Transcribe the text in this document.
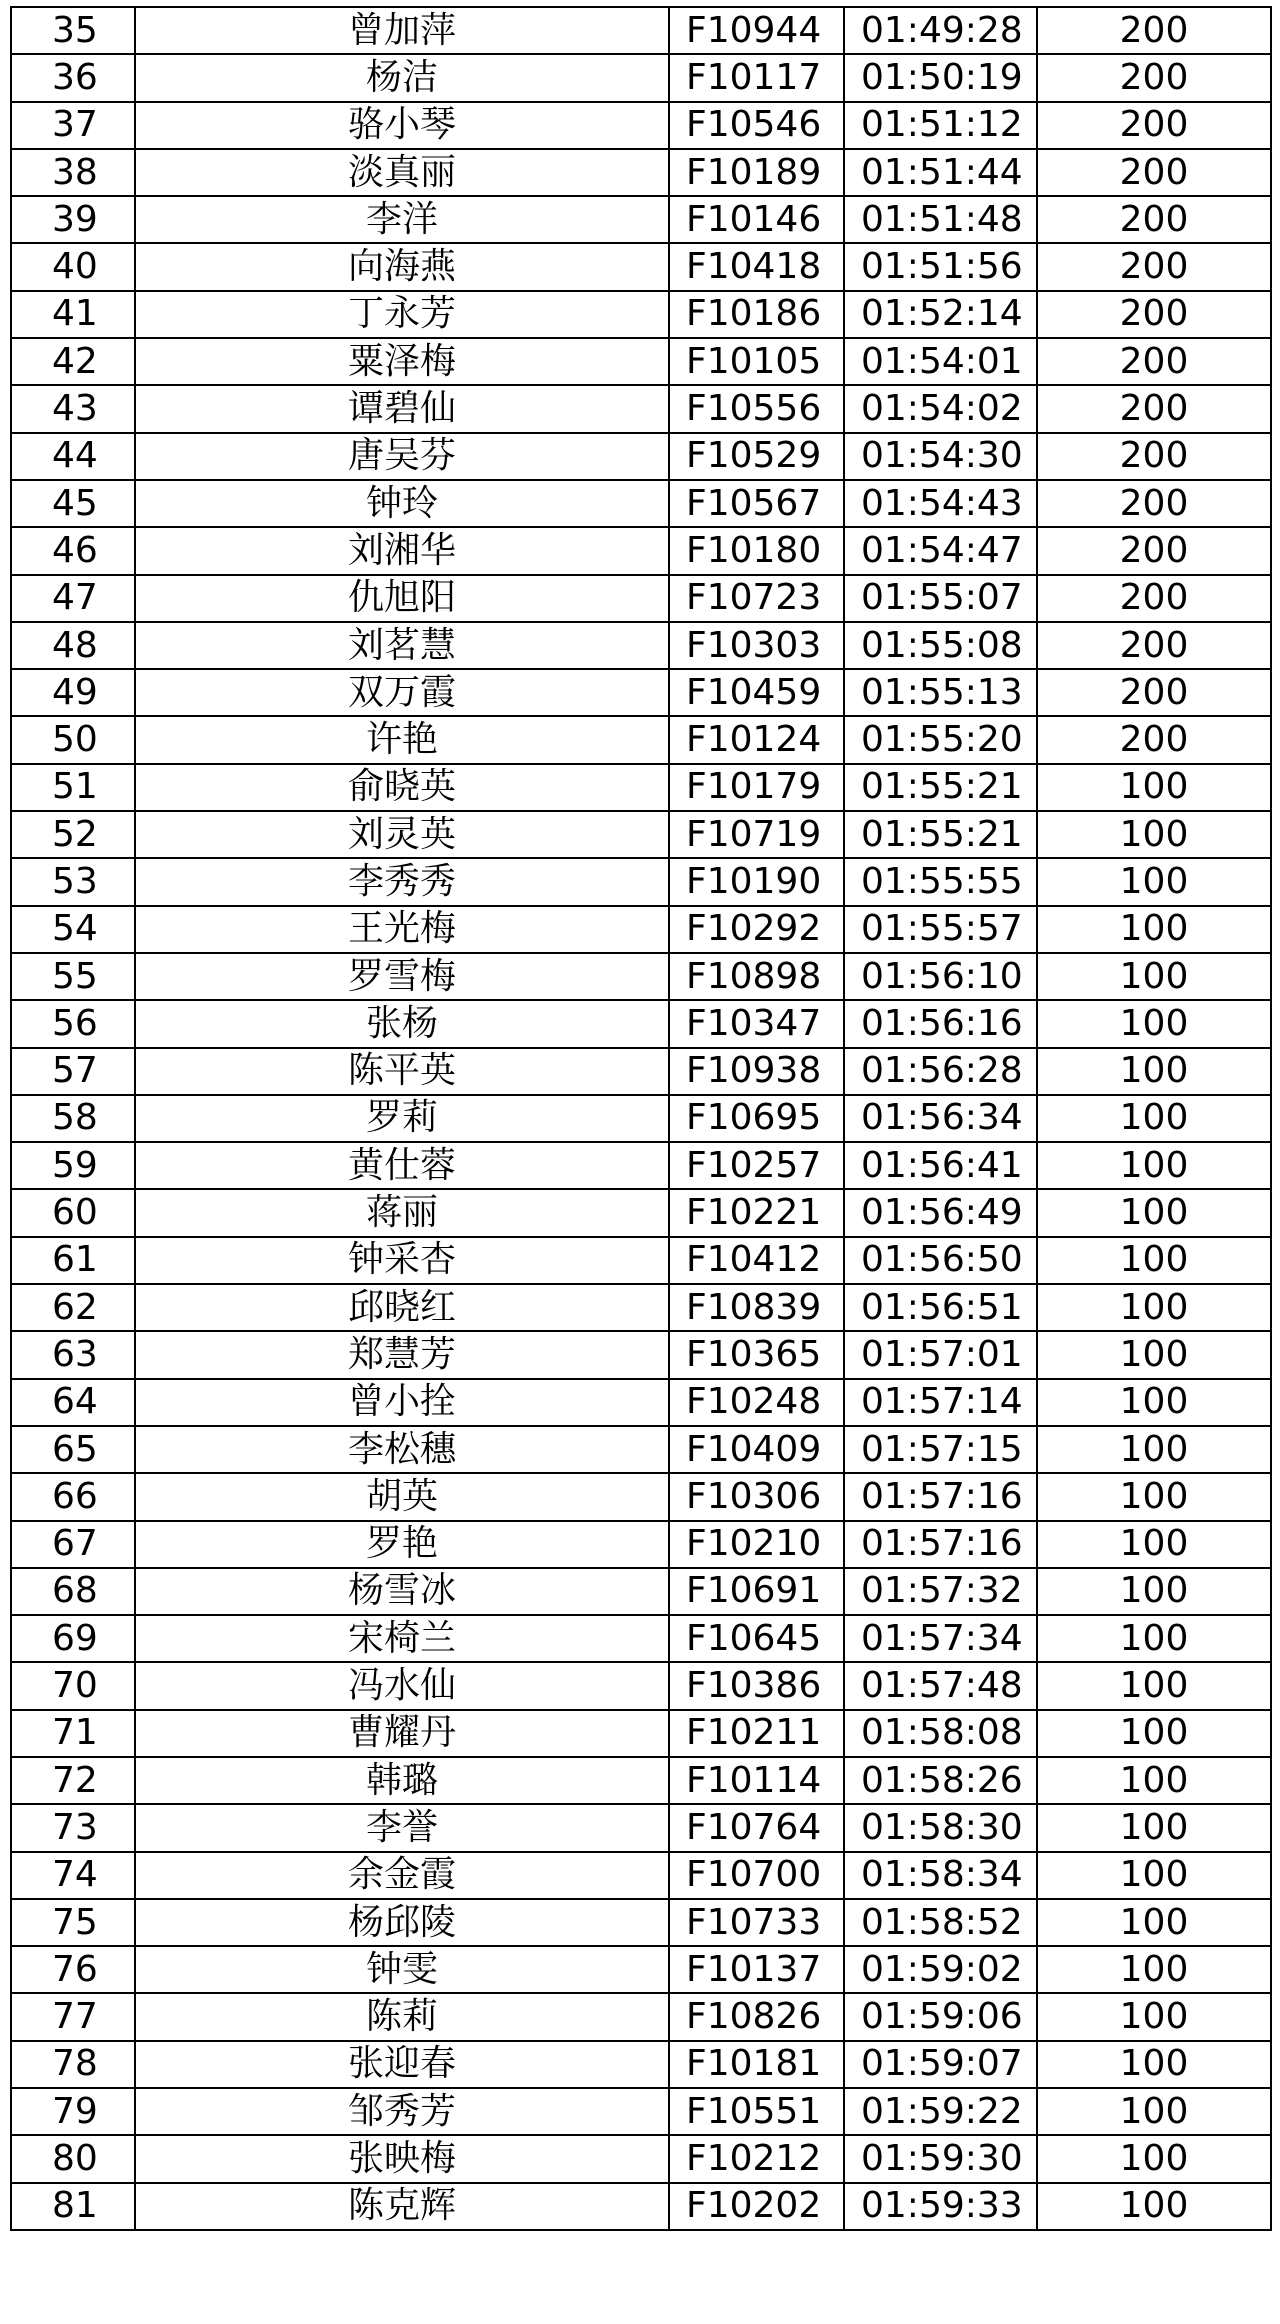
35	曾加萍	F10944	01:49:28	200
36	杨洁	F10117	01:50:19	200
37	骆小琴	F10546	01:51:12	200
38	淡真丽	F10189	01:51:44	200
39	李洋	F10146	01:51:48	200
40	向海燕	F10418	01:51:56	200
41	丁永芳	F10186	01:52:14	200
42	粟泽梅	F10105	01:54:01	200
43	谭碧仙	F10556	01:54:02	200
44	唐吴芬	F10529	01:54:30	200
45	钟玲	F10567	01:54:43	200
46	刘湘华	F10180	01:54:47	200
47	仇旭阳	F10723	01:55:07	200
48	刘茗慧	F10303	01:55:08	200
49	双万霞	F10459	01:55:13	200
50	许艳	F10124	01:55:20	200
51	俞晓英	F10179	01:55:21	100
52	刘灵英	F10719	01:55:21	100
53	李秀秀	F10190	01:55:55	100
54	王光梅	F10292	01:55:57	100
55	罗雪梅	F10898	01:56:10	100
56	张杨	F10347	01:56:16	100
57	陈平英	F10938	01:56:28	100
58	罗莉	F10695	01:56:34	100
59	黄仕蓉	F10257	01:56:41	100
60	蒋丽	F10221	01:56:49	100
61	钟采杏	F10412	01:56:50	100
62	邱晓红	F10839	01:56:51	100
63	郑慧芳	F10365	01:57:01	100
64	曾小拴	F10248	01:57:14	100
65	李松穗	F10409	01:57:15	100
66	胡英	F10306	01:57:16	100
67	罗艳	F10210	01:57:16	100
68	杨雪冰	F10691	01:57:32	100
69	宋椅兰	F10645	01:57:34	100
70	冯水仙	F10386	01:57:48	100
71	曹耀丹	F10211	01:58:08	100
72	韩璐	F10114	01:58:26	100
73	李誉	F10764	01:58:30	100
74	余金霞	F10700	01:58:34	100
75	杨邱陵	F10733	01:58:52	100
76	钟雯	F10137	01:59:02	100
77	陈莉	F10826	01:59:06	100
78	张迎春	F10181	01:59:07	100
79	邹秀芳	F10551	01:59:22	100
80	张映梅	F10212	01:59:30	100
81	陈克辉	F10202	01:59:33	100
